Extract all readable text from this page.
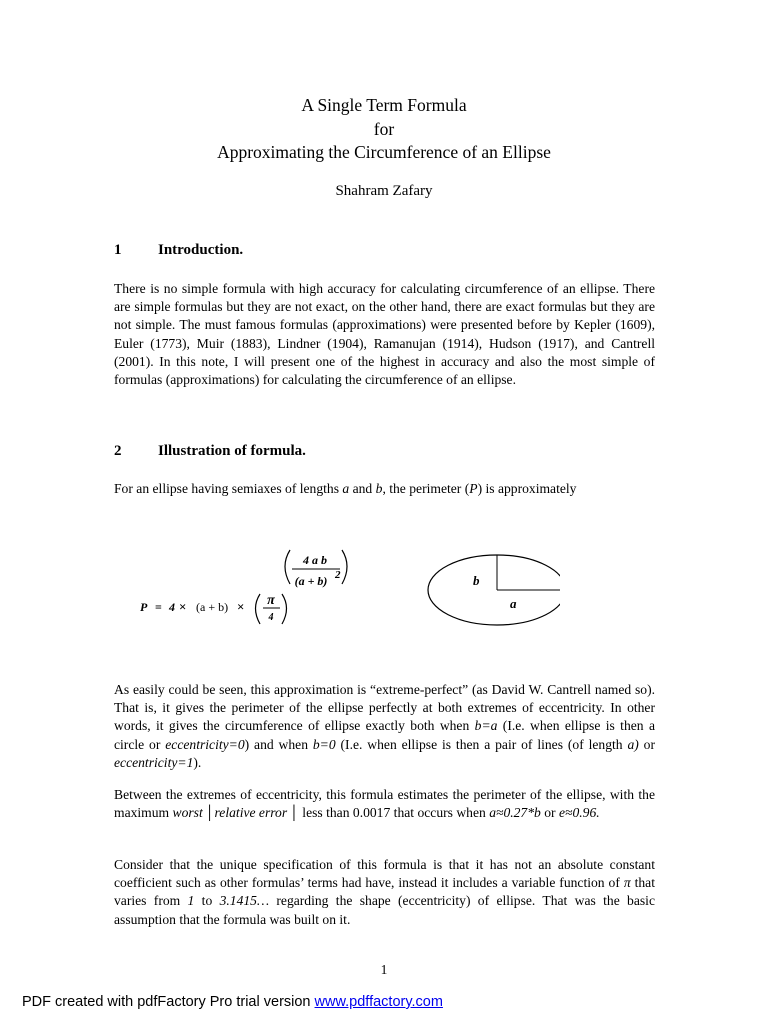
A Single Term Formula
for
Approximating the Circumference of an Ellipse
Shahram Zafary
1 Introduction.
There is no simple formula with high accuracy for calculating circumference of an ellipse. There are simple formulas but they are not exact, on the other hand, there are exact formulas but they are not simple. The must famous formulas (approximations) were presented before by Kepler (1609), Euler (1773), Muir (1883), Lindner (1904), Ramanujan (1914), Hudson (1917), and Cantrell (2001). In this note, I will present one of the highest in accuracy and also the most simple of formulas (approximations) for calculating the circumference of an ellipse.
2 Illustration of formula.
For an ellipse having semiaxes of lengths a and b, the perimeter (P) is approximately
4 a b
(a + b) 2
P = 4 × (a + b) × π
4
b
a
As easily could be seen, this approximation is “extreme-perfect” (as David W. Cantrell named so). That is, it gives the perimeter of the ellipse perfectly at both extremes of eccentricity. In other words, it gives the circumference of ellipse exactly both when b=a (I.e. when ellipse is then a circle or eccentricity=0) and when b=0 (I.e. when ellipse is then a pair of lines (of length a) or eccentricity=1).
Between the extremes of eccentricity, this formula estimates the perimeter of the ellipse, with the maximum worst │relative error │ less than 0.0017 that occurs when a≈0.27*b or e≈0.96.
Consider that the unique specification of this formula is that it has not an absolute constant coefficient such as other formulas’ terms had have, instead it includes a variable function of π that varies from 1 to 3.1415… regarding the shape (eccentricity) of ellipse. That was the basic assumption that the formula was built on it.
1
PDF created with pdfFactory Pro trial version www.pdffactory.com
